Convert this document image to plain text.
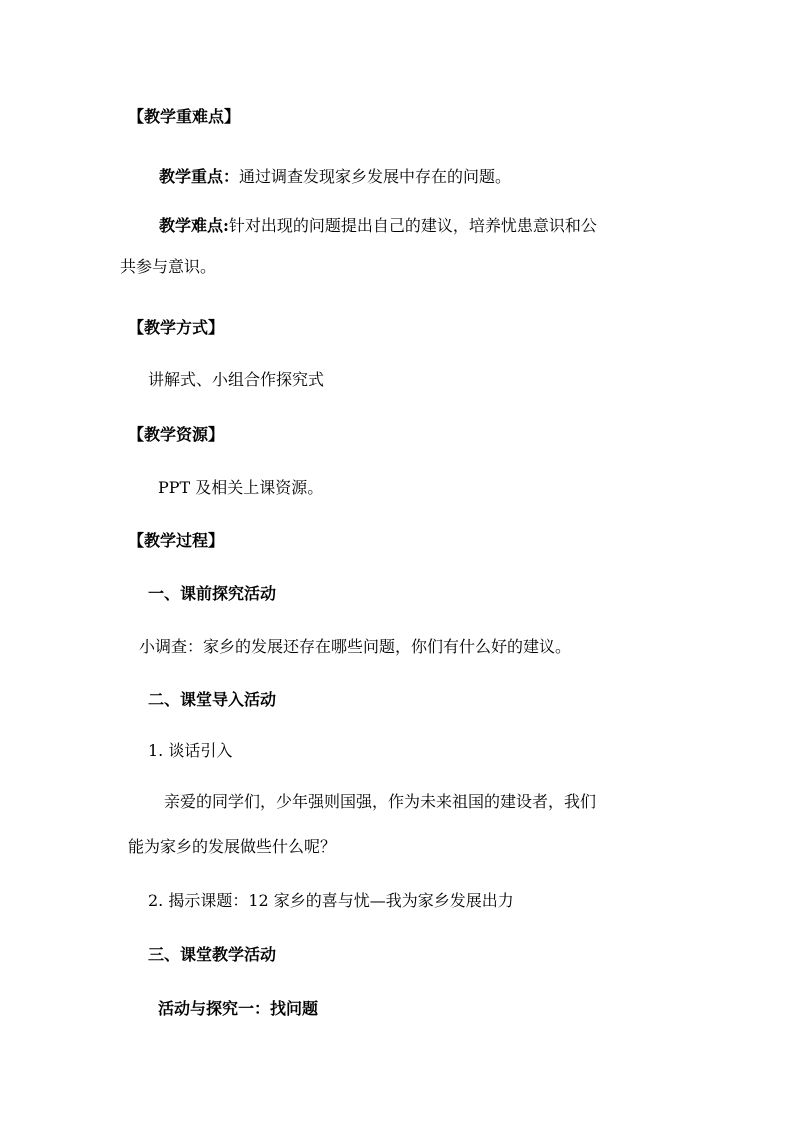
【教学重难点】
教学重点：通过调查发现家乡发展中存在的问题。
教学难点:针对出现的问题提出自己的建议，培养忧患意识和公
共参与意识。
【教学方式】
讲解式、小组合作探究式
【教学资源】
PPT 及相关上课资源。
【教学过程】
一、课前探究活动
小调查：家乡的发展还存在哪些问题，你们有什么好的建议。
二、课堂导入活动
1. 谈话引入
亲爱的同学们，少年强则国强，作为未来祖国的建设者，我们
能为家乡的发展做些什么呢？
2. 揭示课题：12 家乡的喜与忧—我为家乡发展出力
三、课堂教学活动
活动与探究一：找问题
